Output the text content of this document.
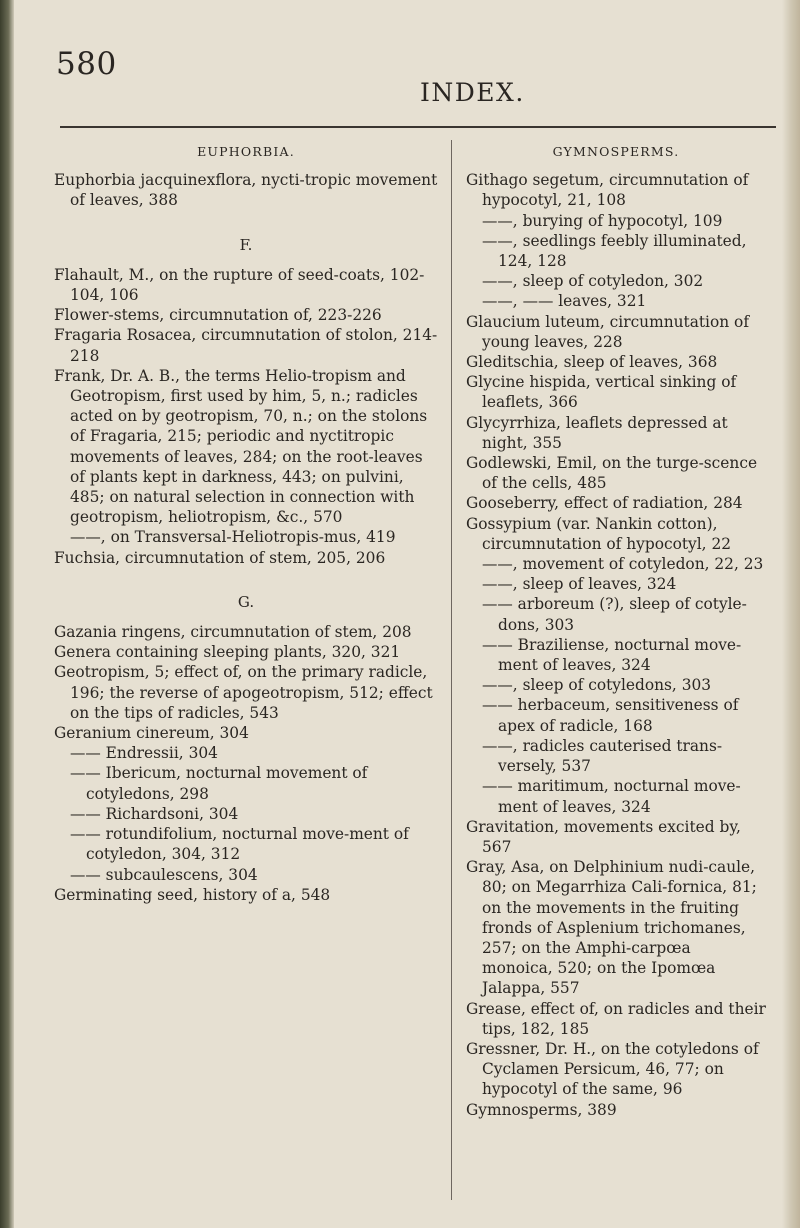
580
INDEX.
EUPHORBIA.

Euphorbia jacquinexflora, nycti-tropic movement of leaves, 388

F.

Flahault, M., on the rupture of seed-coats, 102-104, 106

Flower-stems, circumnutation of, 223-226

Fragaria Rosacea, circumnutation of stolon, 214-218

Frank, Dr. A. B., the terms Helio-tropism and Geotropism, first used by him, 5, n.; radicles acted on by geotropism, 70, n.; on the stolons of Fragaria, 215; periodic and nyctitropic movements of leaves, 284; on the root-leaves of plants kept in darkness, 443; on pulvini, 485; on natural selection in connection with geotropism, heliotropism, &c., 570

——, on Transversal-Heliotropis-mus, 419

Fuchsia, circumnutation of stem, 205, 206

G.

Gazania ringens, circumnutation of stem, 208

Genera containing sleeping plants, 320, 321

Geotropism, 5; effect of, on the primary radicle, 196; the reverse of apogeotropism, 512; effect on the tips of radicles, 543

Geranium cinereum, 304

—— Endressii, 304

—— Ibericum, nocturnal movement of cotyledons, 298

—— Richardsoni, 304

—— rotundifolium, nocturnal move-ment of cotyledon, 304, 312

—— subcaulescens, 304

Germinating seed, history of a, 548

GYMNOSPERMS.

Githago segetum, circumnutation of hypocotyl, 21, 108

——, burying of hypocotyl, 109

——, seedlings feebly illuminated, 124, 128

——, sleep of cotyledon, 302

——, —— leaves, 321

Glaucium luteum, circumnutation of young leaves, 228

Gleditschia, sleep of leaves, 368

Glycine hispida, vertical sinking of leaflets, 366

Glycyrrhiza, leaflets depressed at night, 355

Godlewski, Emil, on the turge-scence of the cells, 485

Gooseberry, effect of radiation, 284

Gossypium (var. Nankin cotton), circumnutation of hypocotyl, 22

——, movement of cotyledon, 22, 23

——, sleep of leaves, 324

—— arboreum (?), sleep of cotyle-dons, 303

—— Braziliense, nocturnal move-ment of leaves, 324

——, sleep of cotyledons, 303

—— herbaceum, sensitiveness of apex of radicle, 168

——, radicles cauterised trans-versely, 537

—— maritimum, nocturnal move-ment of leaves, 324

Gravitation, movements excited by, 567

Gray, Asa, on Delphinium nudi-caule, 80; on Megarrhiza Cali-fornica, 81; on the movements in the fruiting fronds of Asplenium trichomanes, 257; on the Amphi-carpœa monoica, 520; on the Ipomœa Jalappa, 557

Grease, effect of, on radicles and their tips, 182, 185

Gressner, Dr. H., on the cotyledons of Cyclamen Persicum, 46, 77; on hypocotyl of the same, 96

Gymnosperms, 389
